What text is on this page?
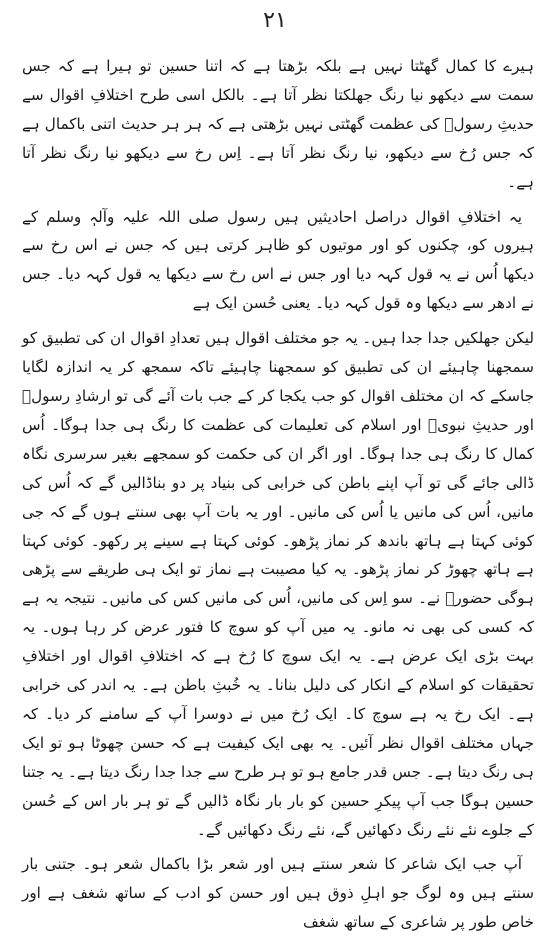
۲۱

ہیرے کا کمال گھٹتا نہیں ہے بلکہ بڑھتا ہے کہ اتنا حسین تو ہیرا ہے کہ جس سمت سے دیکھو نیا رنگ جھلکتا نظر آتا ہے۔ بالکل اسی طرح اختلافِ اقوال سے حدیثِ رسولؐ کی عظمت گھٹتی نہیں بڑھتی ہے کہ ہر ہر حدیث اتنی باکمال ہے کہ جس رُخ سے دیکھو، نیا رنگ نظر آتا ہے۔ اِس رخ سے دیکھو نیا رنگ نظر آتا ہے۔

یہ اختلافِ اقوال دراصل احادیثیں ہیں رسول صلی اللہ علیہ وآلہٖ وسلم کے ہیروں کو، چکنوں کو اور موتیوں کو ظاہر کرتی ہیں کہ جس نے اس رخ سے دیکھا اُس نے یہ قول کہہ دیا اور جس نے اس رخ سے دیکھا یہ قول کہہ دیا۔ جس نے ادھر سے دیکھا وہ قول کہہ دیا۔ یعنی حُسن ایک ہے

لیکن جھلکیں جدا جدا ہیں۔ یہ جو مختلف اقوال ہیں تعدادِ اقوال ان کی تطبیق کو سمجھنا چاہیئے ان کی تطبیق کو سمجھنا چاہیئے تاکہ سمجھ کر یہ اندازہ لگایا جاسکے کہ ان مختلف اقوال کو جب یکجا کر کے جب بات آئے گی تو ارشادِ رسولؐ اور حدیثِ نبویؐ اور اسلام کی تعلیمات کی عظمت کا رنگ ہی جدا ہوگا۔ اُس کمال کا رنگ ہی جدا ہوگا۔ اور اگر ان کی حکمت کو سمجھے بغیر سرسری نگاہ ڈالی جائے گی تو آپ اپنے باطن کی خرابی کی بنیاد پر دو بناڈالیں گے کہ اُس کی مانیں، اُس کی مانیں یا اُس کی مانیں۔ اور یہ بات آپ بھی سنتے ہوں گے کہ جی کوئی کہتا ہے ہاتھ باندھ کر نماز پڑھو۔ کوئی کہتا ہے سینے پر رکھو۔ کوئی کہتا ہے ہاتھ چھوڑ کر نماز پڑھو۔ یہ کیا مصیبت ہے نماز تو ایک ہی طریقے سے پڑھی ہوگی حضورؐ نے۔ سو اِس کی مانیں، اُس کی مانیں کس کی مانیں۔ نتیجہ یہ ہے کہ کسی کی بھی نہ مانو۔ یہ میں آپ کو سوچ کا فتور عرض کر رہا ہوں۔ یہ بہت بڑی ایک عرض ہے۔ یہ ایک سوچ کا رُخ ہے کہ اختلافِ اقوال اور اختلافِ تحقیقات کو اسلام کے انکار کی دلیل بنانا۔ یہ خُبثِ باطن ہے۔ یہ اندر کی خرابی ہے۔ ایک رخ یہ ہے سوچ کا۔ ایک رُخ میں نے دوسرا آپ کے سامنے کر دیا۔ کہ جہاں مختلف اقوال نظر آئیں۔ یہ بھی ایک کیفیت ہے کہ حسن چھوٹا ہو تو ایک ہی رنگ دیتا ہے۔ جس قدر جامع ہو تو ہر طرح سے جدا جدا رنگ دیتا ہے۔ یہ جتنا حسین ہوگا جب آپ پیکرِ حسین کو بار بار نگاہ ڈالیں گے تو ہر بار اس کے حُسن کے جلوے نئے نئے رنگ دکھائیں گے، نئے رنگ دکھائیں گے۔

آپ جب ایک شاعر کا شعر سنتے ہیں اور شعر بڑا باکمال شعر ہو۔ جتنی بار سنتے ہیں وہ لوگ جو اہلِ ذوق ہیں اور حسن کو ادب کے ساتھ شغف ہے اور خاص طور پر شاعری کے ساتھ شغف
